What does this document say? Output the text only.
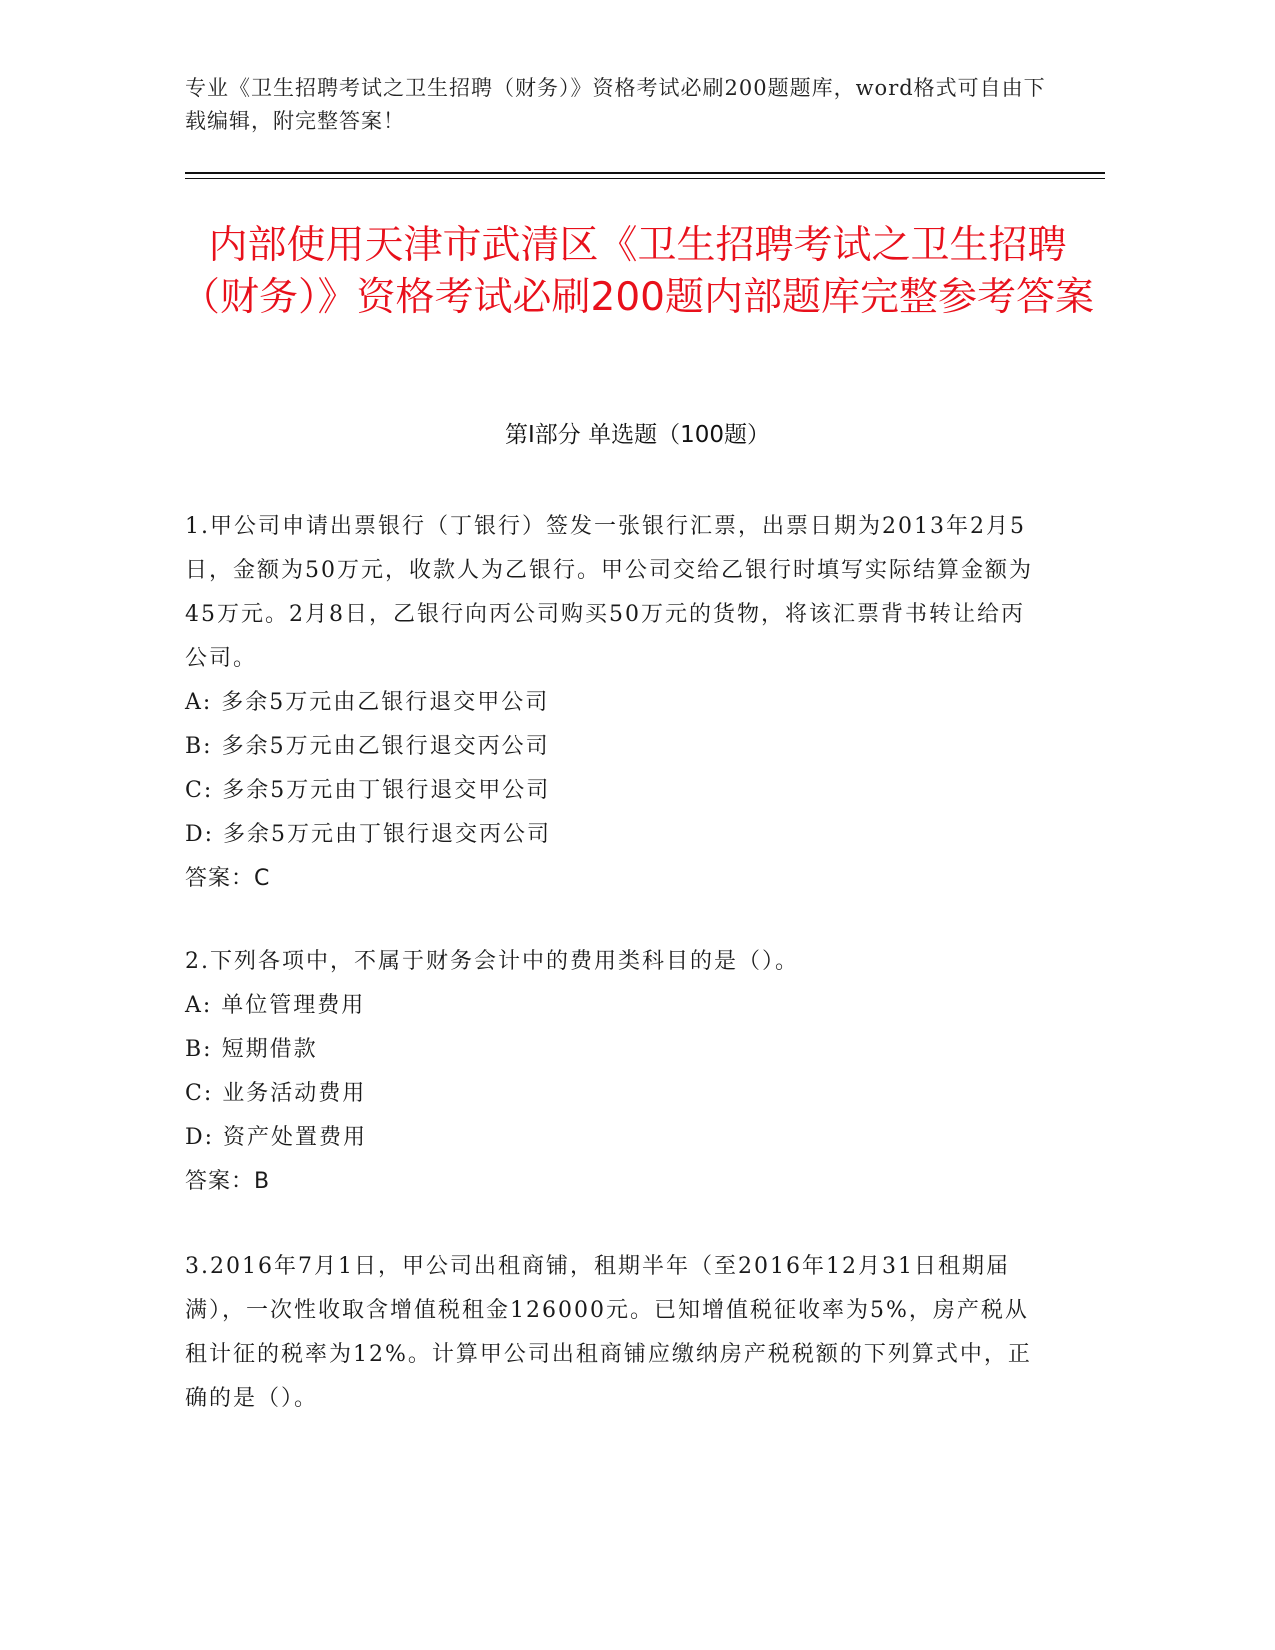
专业《卫生招聘考试之卫生招聘（财务）》资格考试必刷200题题库，word格式可自由下载编辑，附完整答案！
内部使用天津市武清区《卫生招聘考试之卫生招聘（财务）》资格考试必刷200题内部题库完整参考答案
第Ⅰ部分 单选题（100题）
1.甲公司申请出票银行（丁银行）签发一张银行汇票，出票日期为2013年2月5日，金额为50万元，收款人为乙银行。甲公司交给乙银行时填写实际结算金额为45万元。2月8日，乙银行向丙公司购买50万元的货物，将该汇票背书转让给丙公司。
A: 多余5万元由乙银行退交甲公司
B: 多余5万元由乙银行退交丙公司
C: 多余5万元由丁银行退交甲公司
D: 多余5万元由丁银行退交丙公司
答案：C
2.下列各项中，不属于财务会计中的费用类科目的是（）。
A: 单位管理费用
B: 短期借款
C: 业务活动费用
D: 资产处置费用
答案：B
3.2016年7月1日，甲公司出租商铺，租期半年（至2016年12月31日租期届满），一次性收取含增值税租金126000元。已知增值税征收率为5%，房产税从租计征的税率为12%。计算甲公司出租商铺应缴纳房产税税额的下列算式中，正确的是（）。
